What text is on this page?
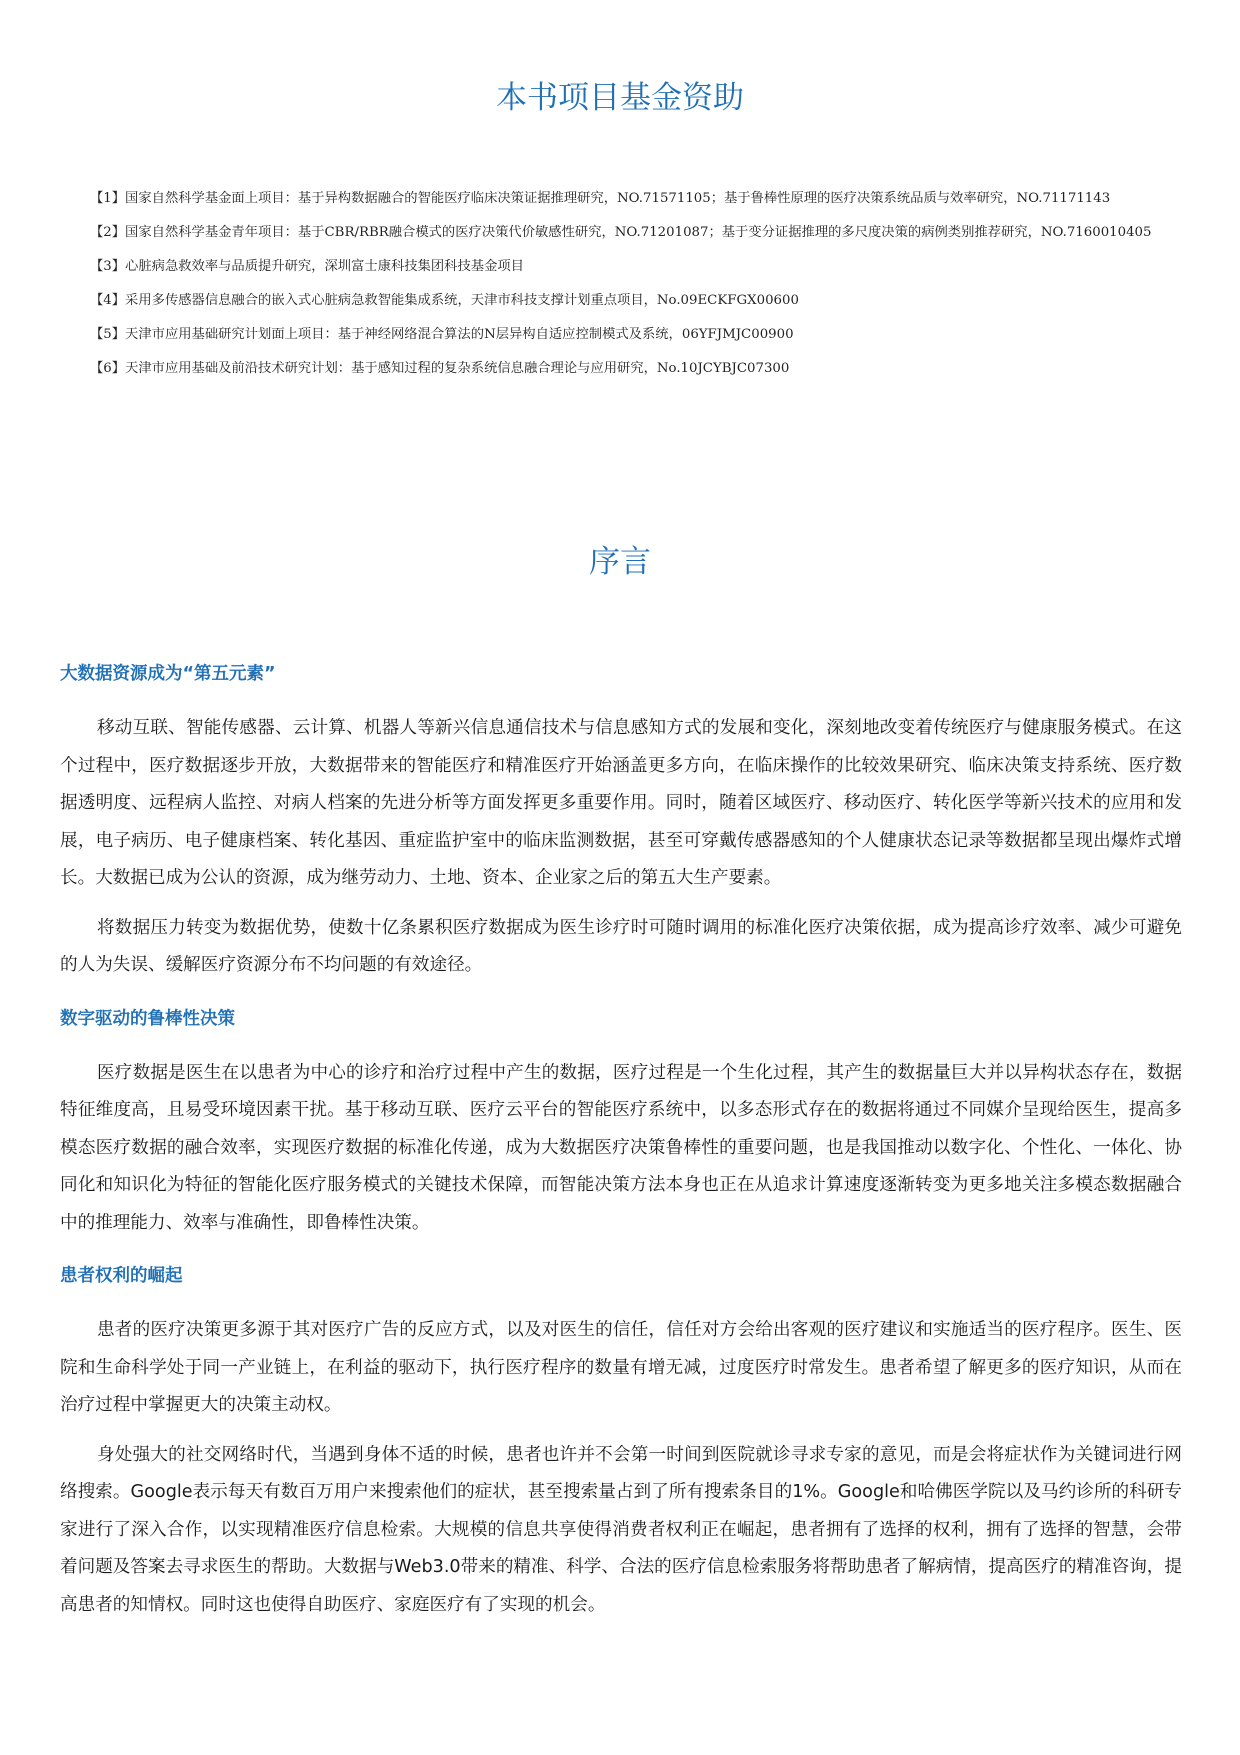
本书项目基金资助
【1】国家自然科学基金面上项目：基于异构数据融合的智能医疗临床决策证据推理研究，NO.71571105；基于鲁棒性原理的医疗决策系统品质与效率研究，NO.71171143
【2】国家自然科学基金青年项目：基于CBR/RBR融合模式的医疗决策代价敏感性研究，NO.71201087；基于变分证据推理的多尺度决策的病例类别推荐研究，NO.7160010405
【3】心脏病急救效率与品质提升研究，深圳富士康科技集团科技基金项目
【4】采用多传感器信息融合的嵌入式心脏病急救智能集成系统，天津市科技支撑计划重点项目，No.09ECKFGX00600
【5】天津市应用基础研究计划面上项目：基于神经网络混合算法的N层异构自适应控制模式及系统，06YFJMJC00900
【6】天津市应用基础及前沿技术研究计划：基于感知过程的复杂系统信息融合理论与应用研究，No.10JCYBJC07300
序言
大数据资源成为“第五元素”

移动互联、智能传感器、云计算、机器人等新兴信息通信技术与信息感知方式的发展和变化，深刻地改变着传统医疗与健康服务模式。在这个过程中，医疗数据逐步开放，大数据带来的智能医疗和精准医疗开始涵盖更多方向，在临床操作的比较效果研究、临床决策支持系统、医疗数据透明度、远程病人监控、对病人档案的先进分析等方面发挥更多重要作用。同时，随着区域医疗、移动医疗、转化医学等新兴技术的应用和发展，电子病历、电子健康档案、转化基因、重症监护室中的临床监测数据，甚至可穿戴传感器感知的个人健康状态记录等数据都呈现出爆炸式增长。大数据已成为公认的资源，成为继劳动力、土地、资本、企业家之后的第五大生产要素。

将数据压力转变为数据优势，使数十亿条累积医疗数据成为医生诊疗时可随时调用的标准化医疗决策依据，成为提高诊疗效率、减少可避免的人为失误、缓解医疗资源分布不均问题的有效途径。

数字驱动的鲁棒性决策

医疗数据是医生在以患者为中心的诊疗和治疗过程中产生的数据，医疗过程是一个生化过程，其产生的数据量巨大并以异构状态存在，数据特征维度高，且易受环境因素干扰。基于移动互联、医疗云平台的智能医疗系统中，以多态形式存在的数据将通过不同媒介呈现给医生，提高多模态医疗数据的融合效率，实现医疗数据的标准化传递，成为大数据医疗决策鲁棒性的重要问题，也是我国推动以数字化、个性化、一体化、协同化和知识化为特征的智能化医疗服务模式的关键技术保障，而智能决策方法本身也正在从追求计算速度逐渐转变为更多地关注多模态数据融合中的推理能力、效率与准确性，即鲁棒性决策。

患者权利的崛起

患者的医疗决策更多源于其对医疗广告的反应方式，以及对医生的信任，信任对方会给出客观的医疗建议和实施适当的医疗程序。医生、医院和生命科学处于同一产业链上，在利益的驱动下，执行医疗程序的数量有增无减，过度医疗时常发生。患者希望了解更多的医疗知识，从而在治疗过程中掌握更大的决策主动权。

身处强大的社交网络时代，当遇到身体不适的时候，患者也许并不会第一时间到医院就诊寻求专家的意见，而是会将症状作为关键词进行网络搜索。Google表示每天有数百万用户来搜索他们的症状，甚至搜索量占到了所有搜索条目的1%。Google和哈佛医学院以及马约诊所的科研专家进行了深入合作，以实现精准医疗信息检索。大规模的信息共享使得消费者权利正在崛起，患者拥有了选择的权利，拥有了选择的智慧，会带着问题及答案去寻求医生的帮助。大数据与Web3.0带来的精准、科学、合法的医疗信息检索服务将帮助患者了解病情，提高医疗的精准咨询，提高患者的知情权。同时这也使得自助医疗、家庭医疗有了实现的机会。
